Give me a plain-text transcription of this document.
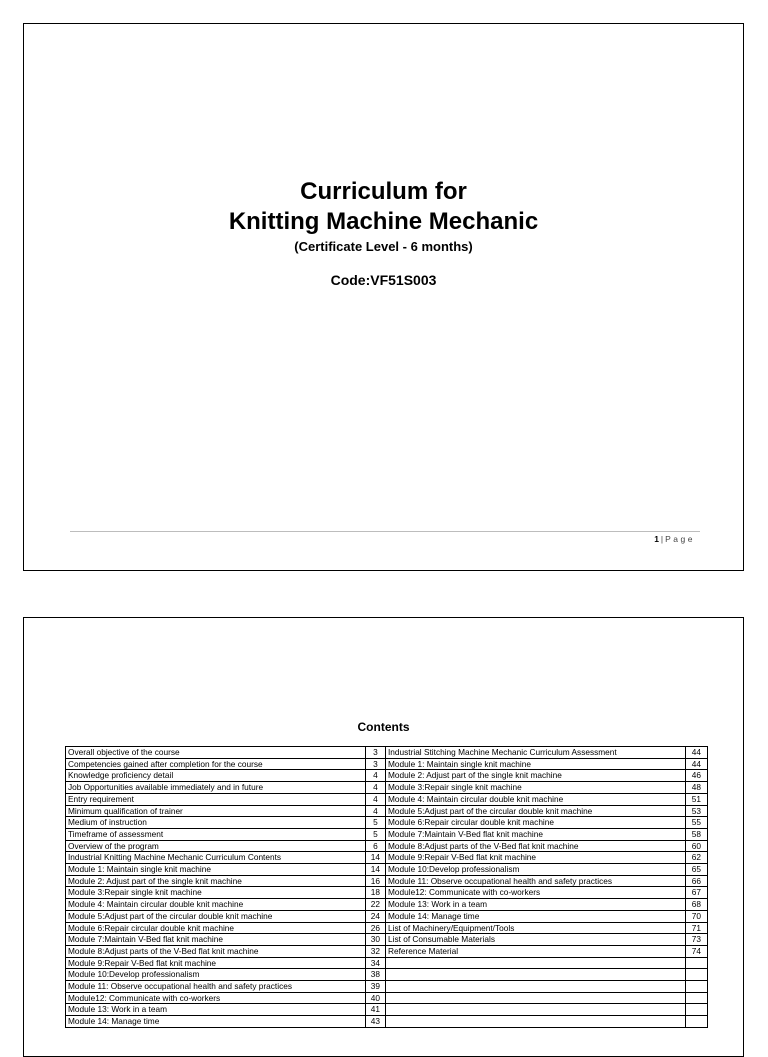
Curriculum for
Knitting Machine Mechanic
(Certificate Level - 6 months)
Code:VF51S003
1 | Page
Contents
Overall objective of the course	3	Industrial Stitching Machine Mechanic Curriculum Assessment	44
Competencies gained after completion for the course	3	Module 1: Maintain single knit machine	44
Knowledge proficiency detail	4	Module 2: Adjust part of the single knit machine	46
Job Opportunities available immediately and in future	4	Module 3:Repair single knit machine	48
Entry requirement	4	Module 4: Maintain circular double knit machine	51
Minimum qualification of trainer	4	Module 5:Adjust part of the circular double knit machine	53
Medium of instruction	5	Module 6:Repair circular double knit machine	55
Timeframe of assessment	5	Module 7:Maintain V-Bed flat knit machine	58
Overview of the program	6	Module 8:Adjust parts of the V-Bed flat knit machine	60
Industrial Knitting Machine Mechanic Curriculum Contents	14	Module 9:Repair V-Bed flat knit machine	62
Module 1: Maintain single knit machine	14	Module 10:Develop professionalism	65
Module 2: Adjust part of the single knit machine	16	Module 11: Observe occupational health and safety practices	66
Module 3:Repair single knit machine	18	Module12: Communicate with co-workers	67
Module 4: Maintain circular double knit machine	22	Module 13: Work in a team	68
Module 5:Adjust part of the circular double knit machine	24	Module 14: Manage time	70
Module 6:Repair circular double knit machine	26	List of Machinery/Equipment/Tools	71
Module 7:Maintain V-Bed flat knit machine	30	List of Consumable Materials	73
Module 8:Adjust parts of the V-Bed flat knit machine	32	Reference Material	74
Module 9:Repair V-Bed flat knit machine	34		
Module 10:Develop professionalism	38		
Module 11: Observe occupational health and safety practices	39		
Module12: Communicate with co-workers	40		
Module 13: Work in a team	41		
Module 14: Manage time	43		
